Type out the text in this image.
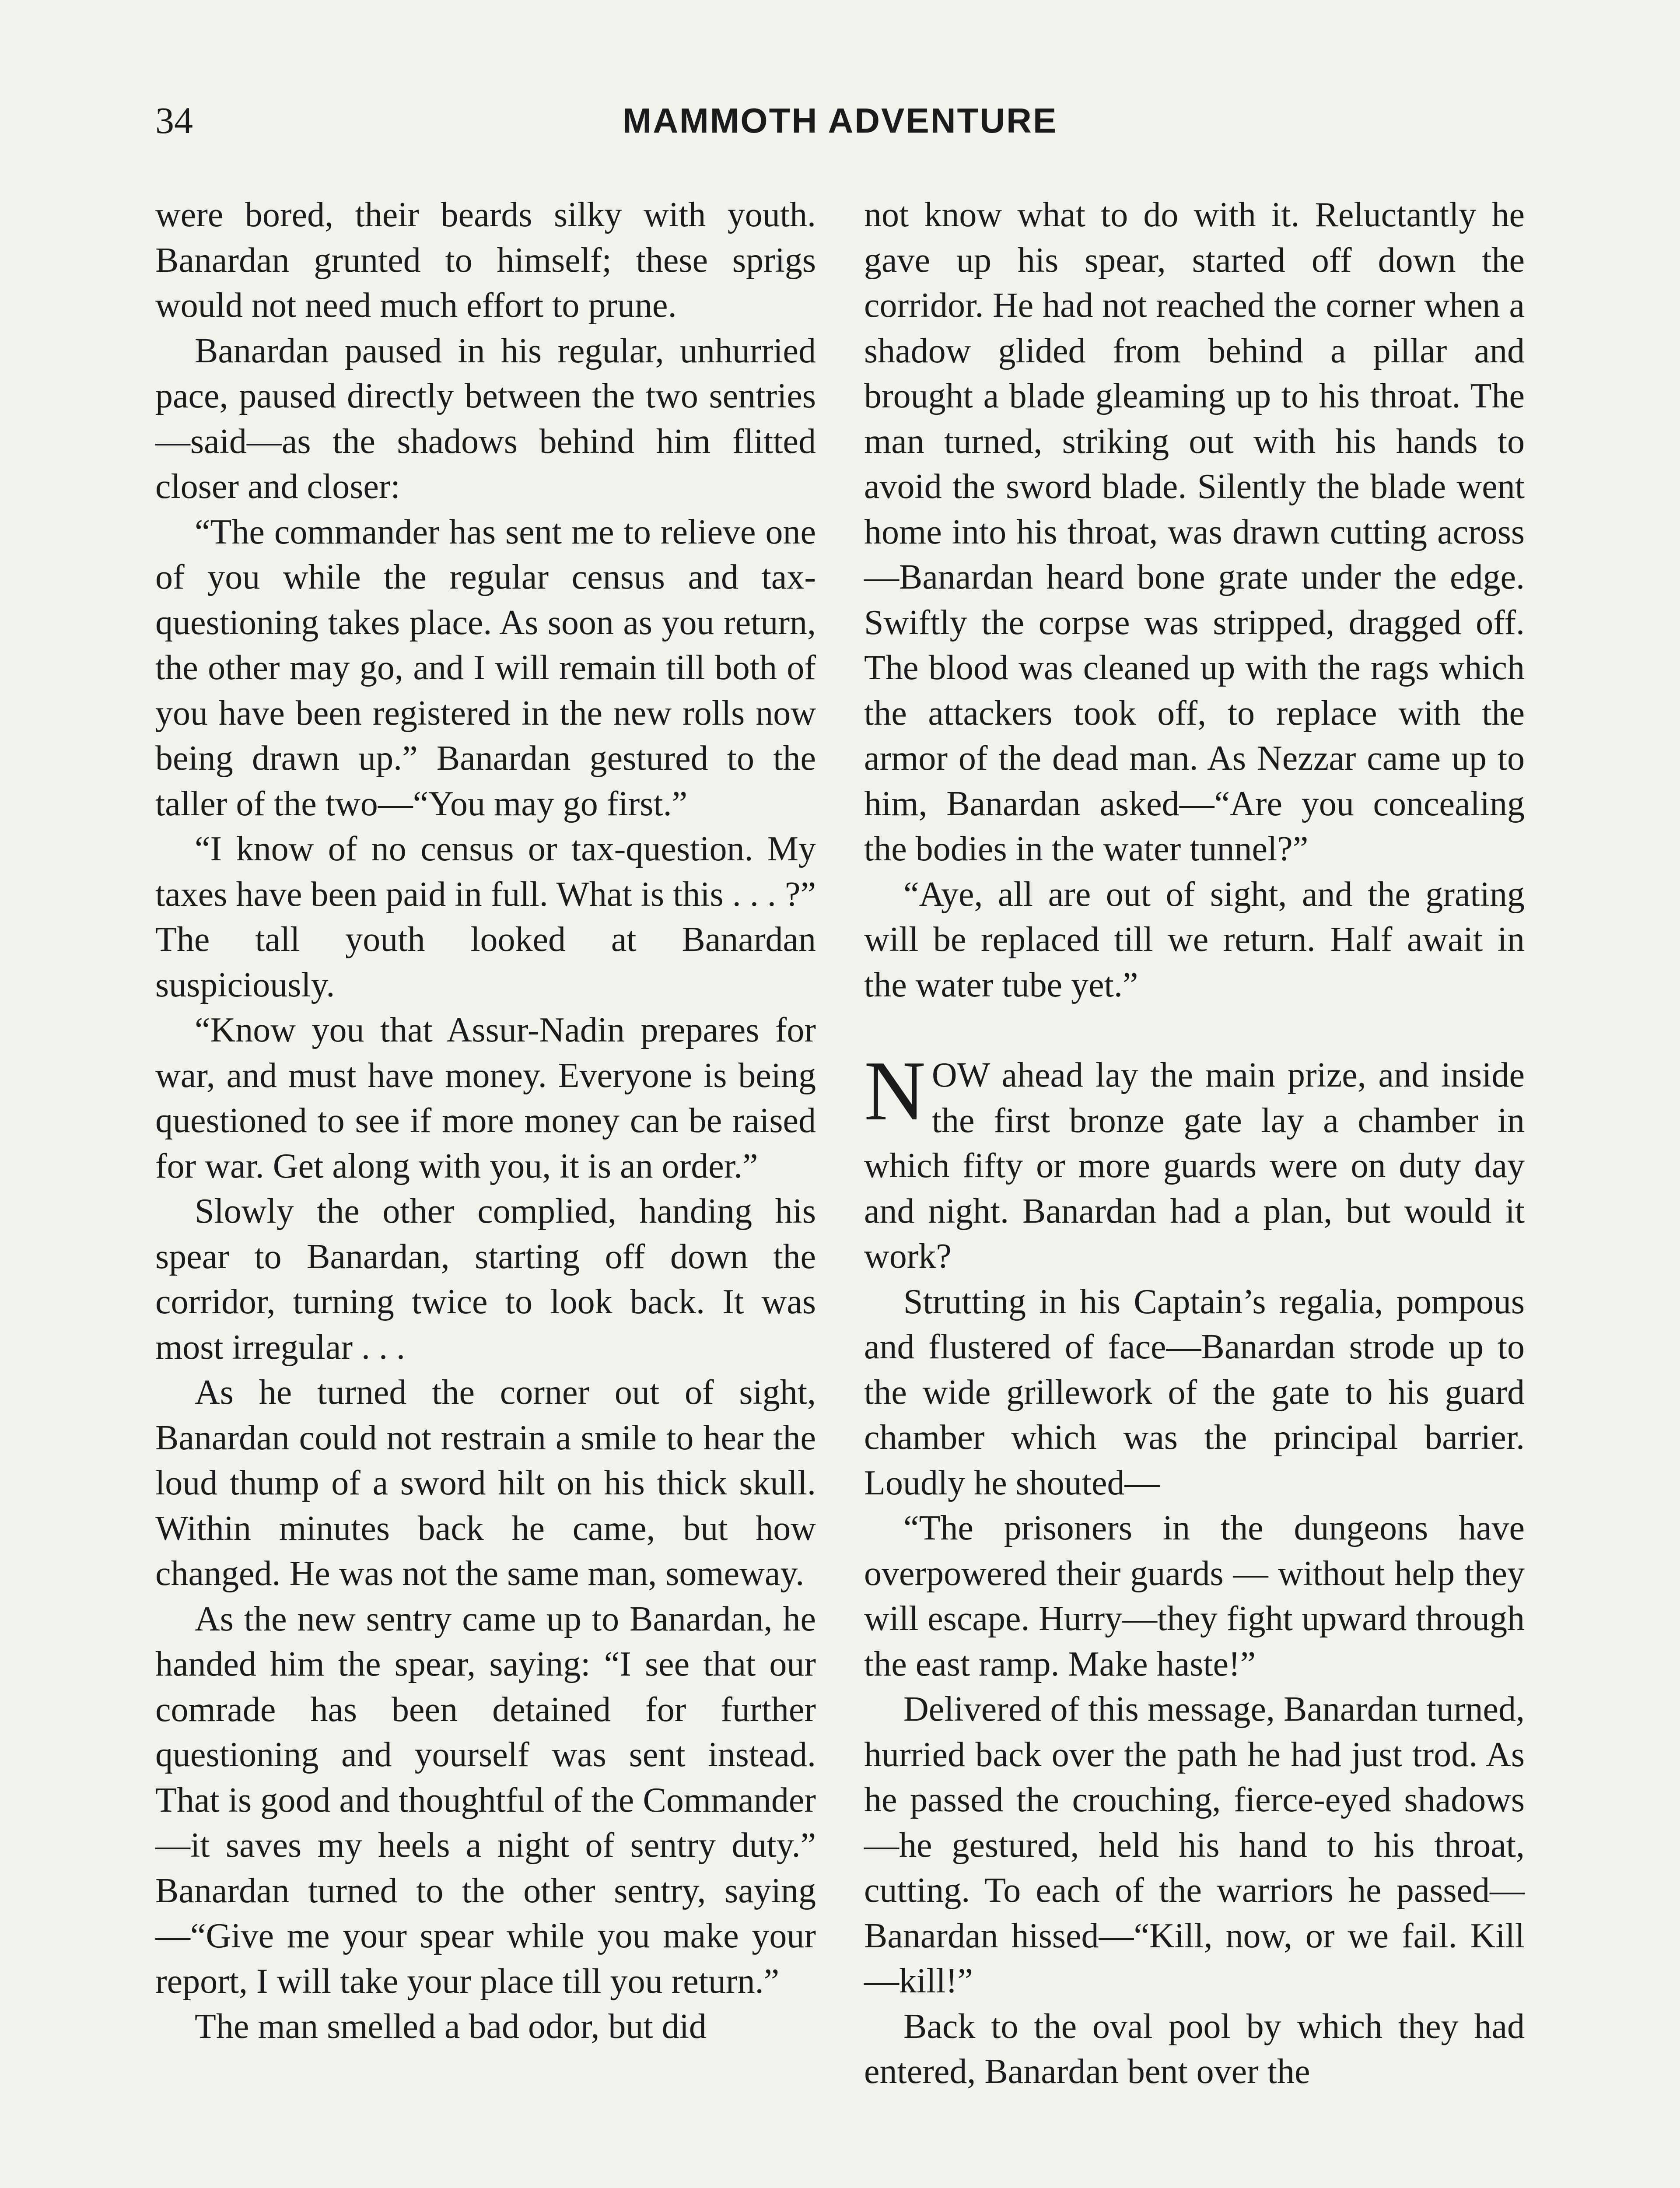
34	MAMMOTH ADVENTURE

were bored, their beards silky with youth. Banardan grunted to himself; these sprigs would not need much effort to prune.

Banardan paused in his regular, unhurried pace, paused directly between the two sentries—said—as the shadows behind him flitted closer and closer:

“The commander has sent me to relieve one of you while the regular census and tax-questioning takes place. As soon as you return, the other may go, and I will remain till both of you have been registered in the new rolls now being drawn up.” Banardan gestured to the taller of the two—“You may go first.”

“I know of no census or tax-question. My taxes have been paid in full. What is this . . . ?” The tall youth looked at Banardan suspiciously.

“Know you that Assur-Nadin prepares for war, and must have money. Everyone is being questioned to see if more money can be raised for war. Get along with you, it is an order.”

Slowly the other complied, handing his spear to Banardan, starting off down the corridor, turning twice to look back. It was most irregular . . .

As he turned the corner out of sight, Banardan could not restrain a smile to hear the loud thump of a sword hilt on his thick skull. Within minutes back he came, but how changed. He was not the same man, someway.

As the new sentry came up to Banardan, he handed him the spear, saying: “I see that our comrade has been detained for further questioning and yourself was sent instead. That is good and thoughtful of the Commander—it saves my heels a night of sentry duty.” Banardan turned to the other sentry, saying—“Give me your spear while you make your report, I will take your place till you return.”

The man smelled a bad odor, but did

not know what to do with it. Reluctantly he gave up his spear, started off down the corridor. He had not reached the corner when a shadow glided from behind a pillar and brought a blade gleaming up to his throat. The man turned, striking out with his hands to avoid the sword blade. Silently the blade went home into his throat, was drawn cutting across—Banardan heard bone grate under the edge. Swiftly the corpse was stripped, dragged off. The blood was cleaned up with the rags which the attackers took off, to replace with the armor of the dead man. As Nezzar came up to him, Banardan asked—“Are you concealing the bodies in the water tunnel?”

“Aye, all are out of sight, and the grating will be replaced till we return. Half await in the water tube yet.”

NOW ahead lay the main prize, and inside the first bronze gate lay a chamber in which fifty or more guards were on duty day and night. Banardan had a plan, but would it work?

Strutting in his Captain’s regalia, pompous and flustered of face—Banardan strode up to the wide grillework of the gate to his guard chamber which was the principal barrier. Loudly he shouted—

“The prisoners in the dungeons have overpowered their guards — without help they will escape. Hurry—they fight upward through the east ramp. Make haste!”

Delivered of this message, Banardan turned, hurried back over the path he had just trod. As he passed the crouching, fierce-eyed shadows—he gestured, held his hand to his throat, cutting. To each of the warriors he passed—Banardan hissed—“Kill, now, or we fail. Kill—kill!”

Back to the oval pool by which they had entered, Banardan bent over the
